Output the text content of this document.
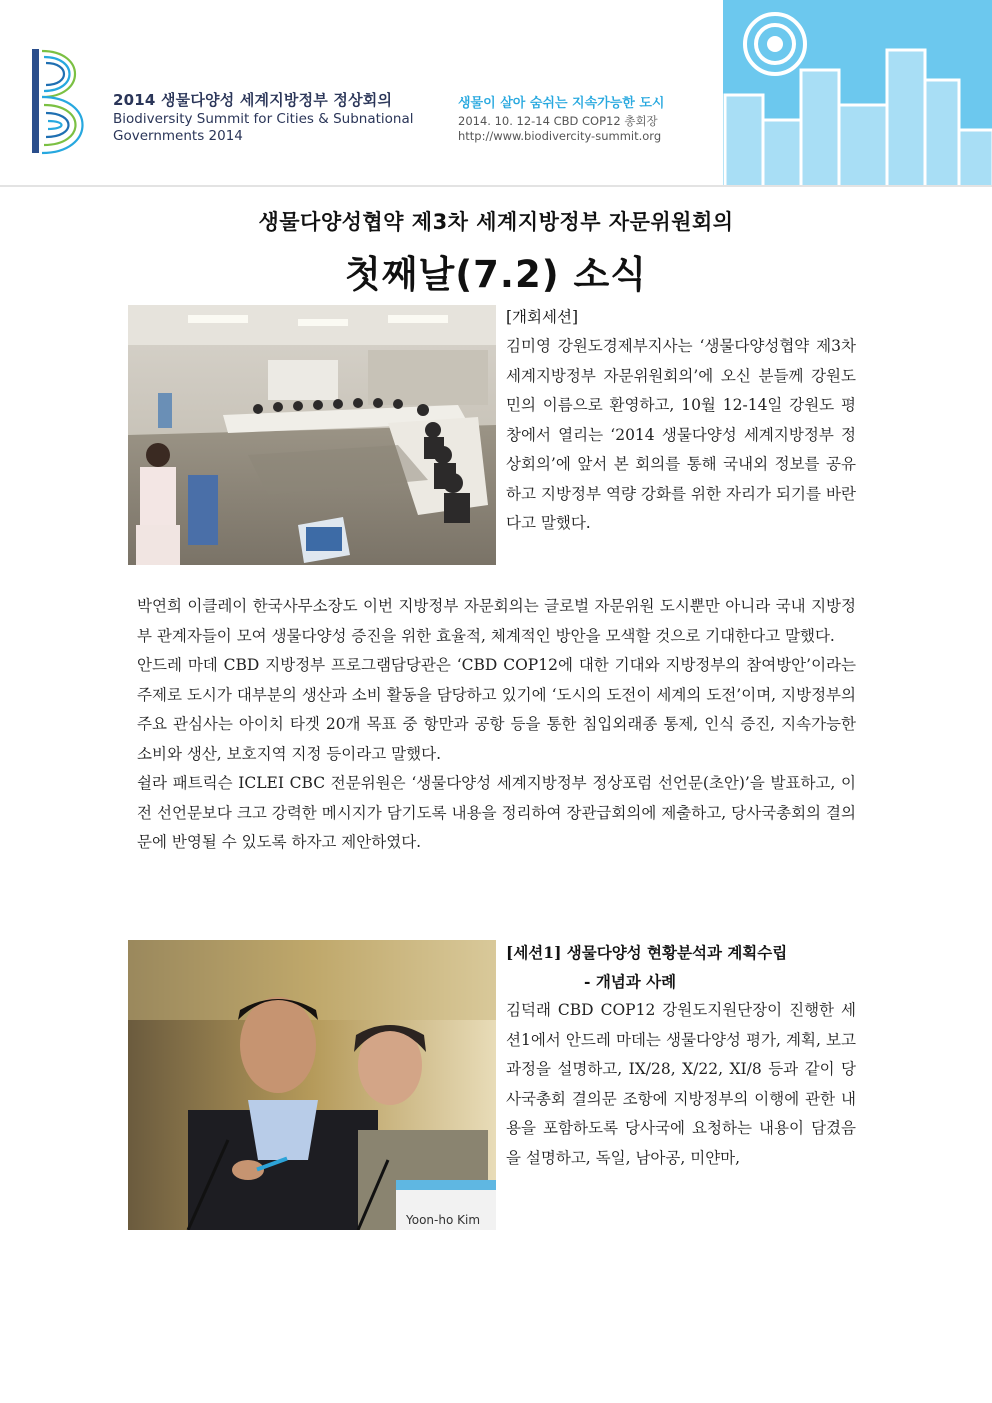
2014 생물다양성 세계지방정부 정상회의
Biodiversity Summit for Cities & Subnational Governments 2014
생물이 살아 숨쉬는 지속가능한 도시
2014. 10. 12-14 CBD COP12 총회장
http://www.biodivercity-summit.org
생물다양성협약 제3차 세계지방정부 자문위원회의
첫째날(7.2) 소식
[개회세션]
김미영 강원도경제부지사는 ‘생물다양성협약 제3차 세계지방정부 자문위원회의’에 오신 분들께 강원도민의 이름으로 환영하고, 10월 12-14일 강원도 평창에서 열리는 ‘2014 생물다양성 세계지방정부 정상회의’에 앞서 본 회의를 통해 국내외 정보를 공유하고 지방정부 역량 강화를 위한 자리가 되기를 바란다고 말했다.

박연희 이클레이 한국사무소장도 이번 지방정부 자문회의는 글로벌 자문위원 도시뿐만 아니라 국내 지방정부 관계자들이 모여 생물다양성 증진을 위한 효율적, 체계적인 방안을 모색할 것으로 기대한다고 말했다.

안드레 마데 CBD 지방정부 프로그램담당관은 ‘CBD COP12에 대한 기대와 지방정부의 참여방안’이라는 주제로 도시가 대부분의 생산과 소비 활동을 담당하고 있기에 ‘도시의 도전이 세계의 도전’이며, 지방정부의 주요 관심사는 아이치 타겟 20개 목표 중 항만과 공항 등을 통한 침입외래종 통제, 인식 증진, 지속가능한 소비와 생산, 보호지역 지정 등이라고 말했다.

쉴라 패트릭슨 ICLEI CBC 전문위원은 ‘생물다양성 세계지방정부 정상포럼 선언문(초안)’을 발표하고, 이전 선언문보다 크고 강력한 메시지가 담기도록 내용을 정리하여 장관급회의에 제출하고, 당사국총회의 결의문에 반영될 수 있도록 하자고 제안하였다.

Yoon-ho Kim
[세션1] 생물다양성 현황분석과 계획수립
- 개념과 사례
김덕래 CBD COP12 강원도지원단장이 진행한 세션1에서 안드레 마데는 생물다양성 평가, 계획, 보고 과정을 설명하고, IX/28, X/22, XI/8 등과 같이 당사국총회 결의문 조항에 지방정부의 이행에 관한 내용을 포함하도록 당사국에 요청하는 내용이 담겼음을 설명하고, 독일, 남아공, 미얀마,
